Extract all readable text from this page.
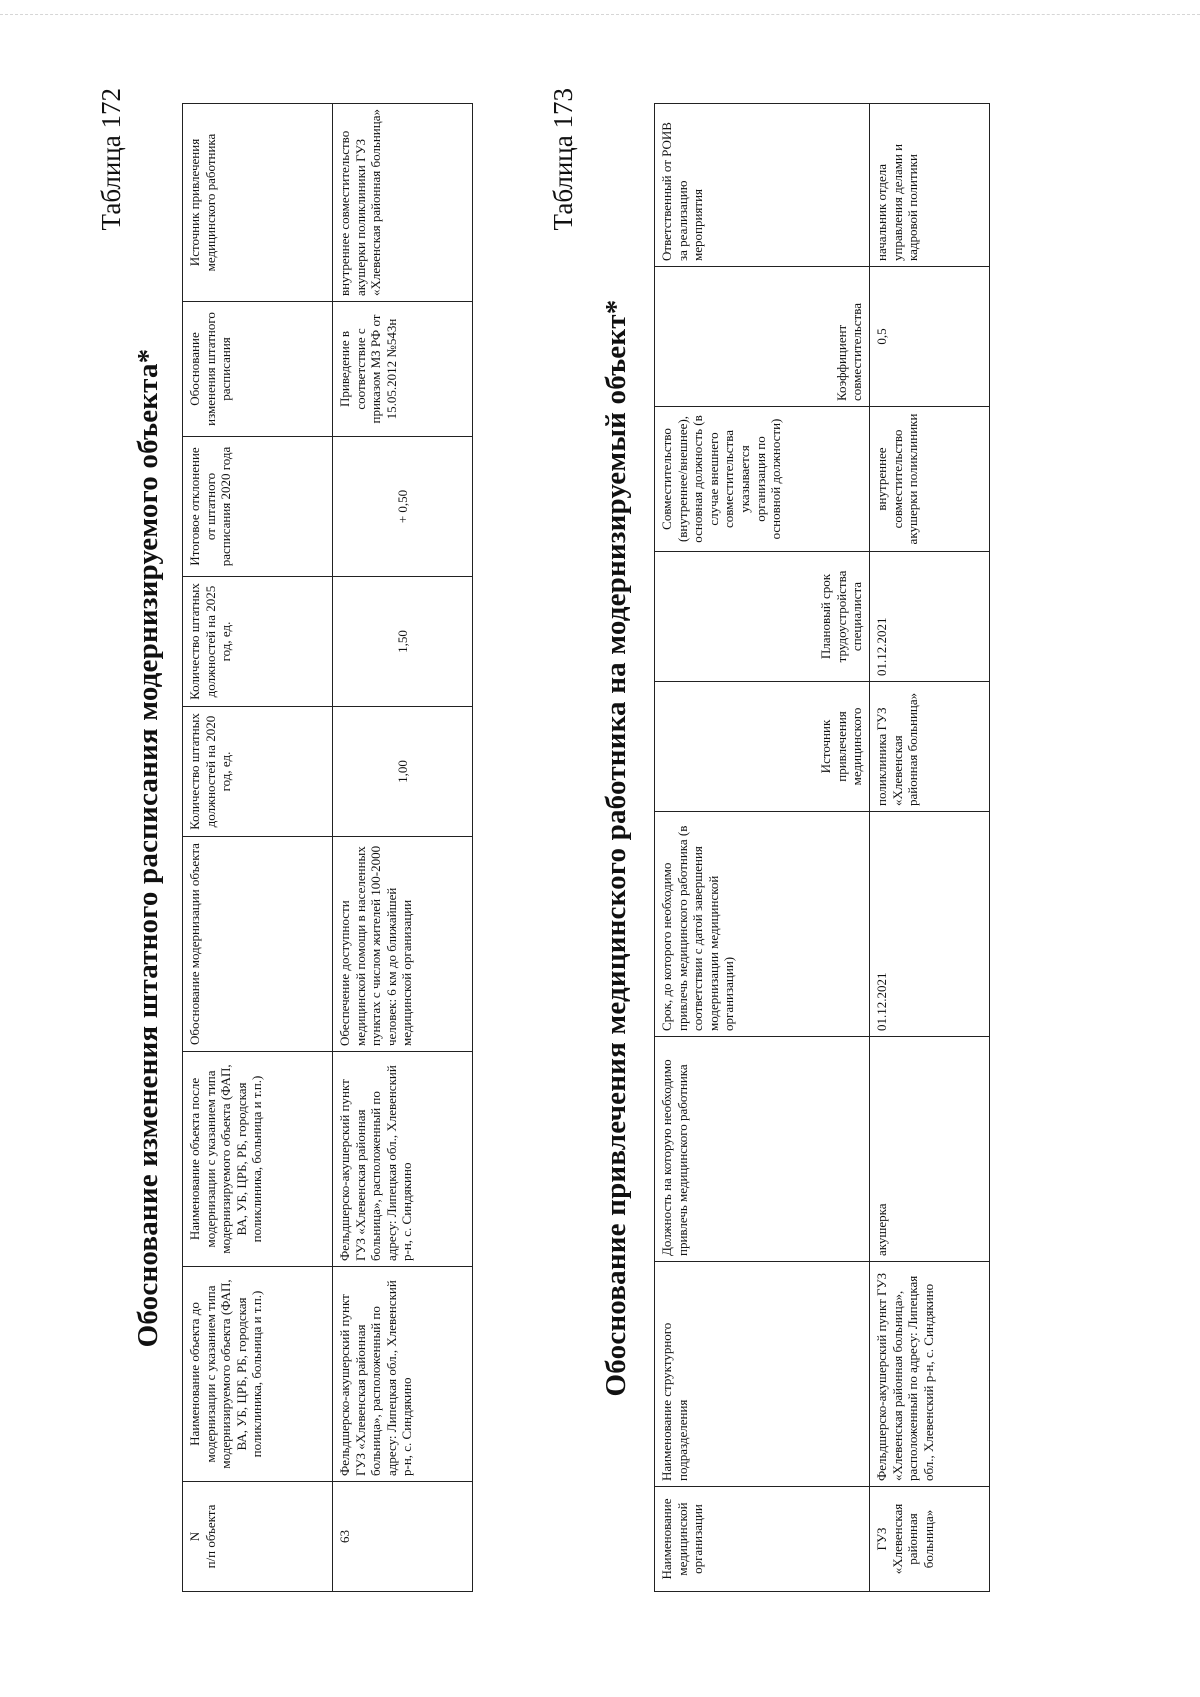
Таблица 172
Обоснование изменения штатного расписания модернизируемого объекта*
N
п/п объекта	Наименование объекта до модернизации с указанием типа модернизируемого объекта (ФАП, ВА, УБ, ЦРБ, РБ, городская поликлиника, больница и т.п.)	Наименование объекта после модернизации с указанием типа модернизируемого объекта (ФАП, ВА, УБ, ЦРБ, РБ, городская поликлиника, больница и т.п.)	Обоснование модернизации объекта	Количество штатных должностей на 2020 год, ед.	Количество штатных должностей на 2025 год, ед.	Итоговое отклонение от штатного расписания 2020 года	Обоснование изменения штатного расписания	Источник привлечения медицинского работника
63	Фельдшерско-акушерский пункт ГУЗ «Хлевенская районная больница», расположенный по адресу: Липецкая обл., Хлевенский р-н, с. Синдякино	Фельдшерско-акушерский пункт ГУЗ «Хлевенская районная больница», расположенный по адресу: Липецкая обл., Хлевенский р-н, с. Синдякино	Обеспечение доступности медицинской помощи в населенных пунктах с числом жителей 100-2000 человек: 6 км до ближайшей медицинской организации	1,00	1,50	+ 0,50	Приведение в соответствие с приказом МЗ РФ от 15.05.2012 №543н	внутреннее совместительство акушерки поликлиники ГУЗ «Хлевенская районная больница»	Таблица 173
Обоснование привлечения медицинского работника на модернизируемый объект*
Наименование медицинской организации	Наименование структурного подразделения	Должность на которую необходимо привлечь медицинского работника	Срок, до которого необходимо привлечь медицинского работника (в соответствии с датой завершения модернизации медицинской организации)	Источник привлечения медицинского	Плановый срок трудоустройства специалиста	Совместительство (внутреннее/внешнее), основная должность (в случае внешнего совместительства указывается организация по основной должности)	Коэффициент совместительства	Ответственный от РОИВ за реализацию мероприятия
ГУЗ «Хлевенская районная больница»	Фельдшерско-акушерский пункт ГУЗ «Хлевенская районная больница», расположенный по адресу: Липецкая обл., Хлевенский р-н, с. Синдякино	акушерка	01.12.2021	поликлиника ГУЗ «Хлевенская районная больница»	01.12.2021	внутреннее совместительство акушерки поликлиники	0,5	начальник отдела управления делами и кадровой политики
